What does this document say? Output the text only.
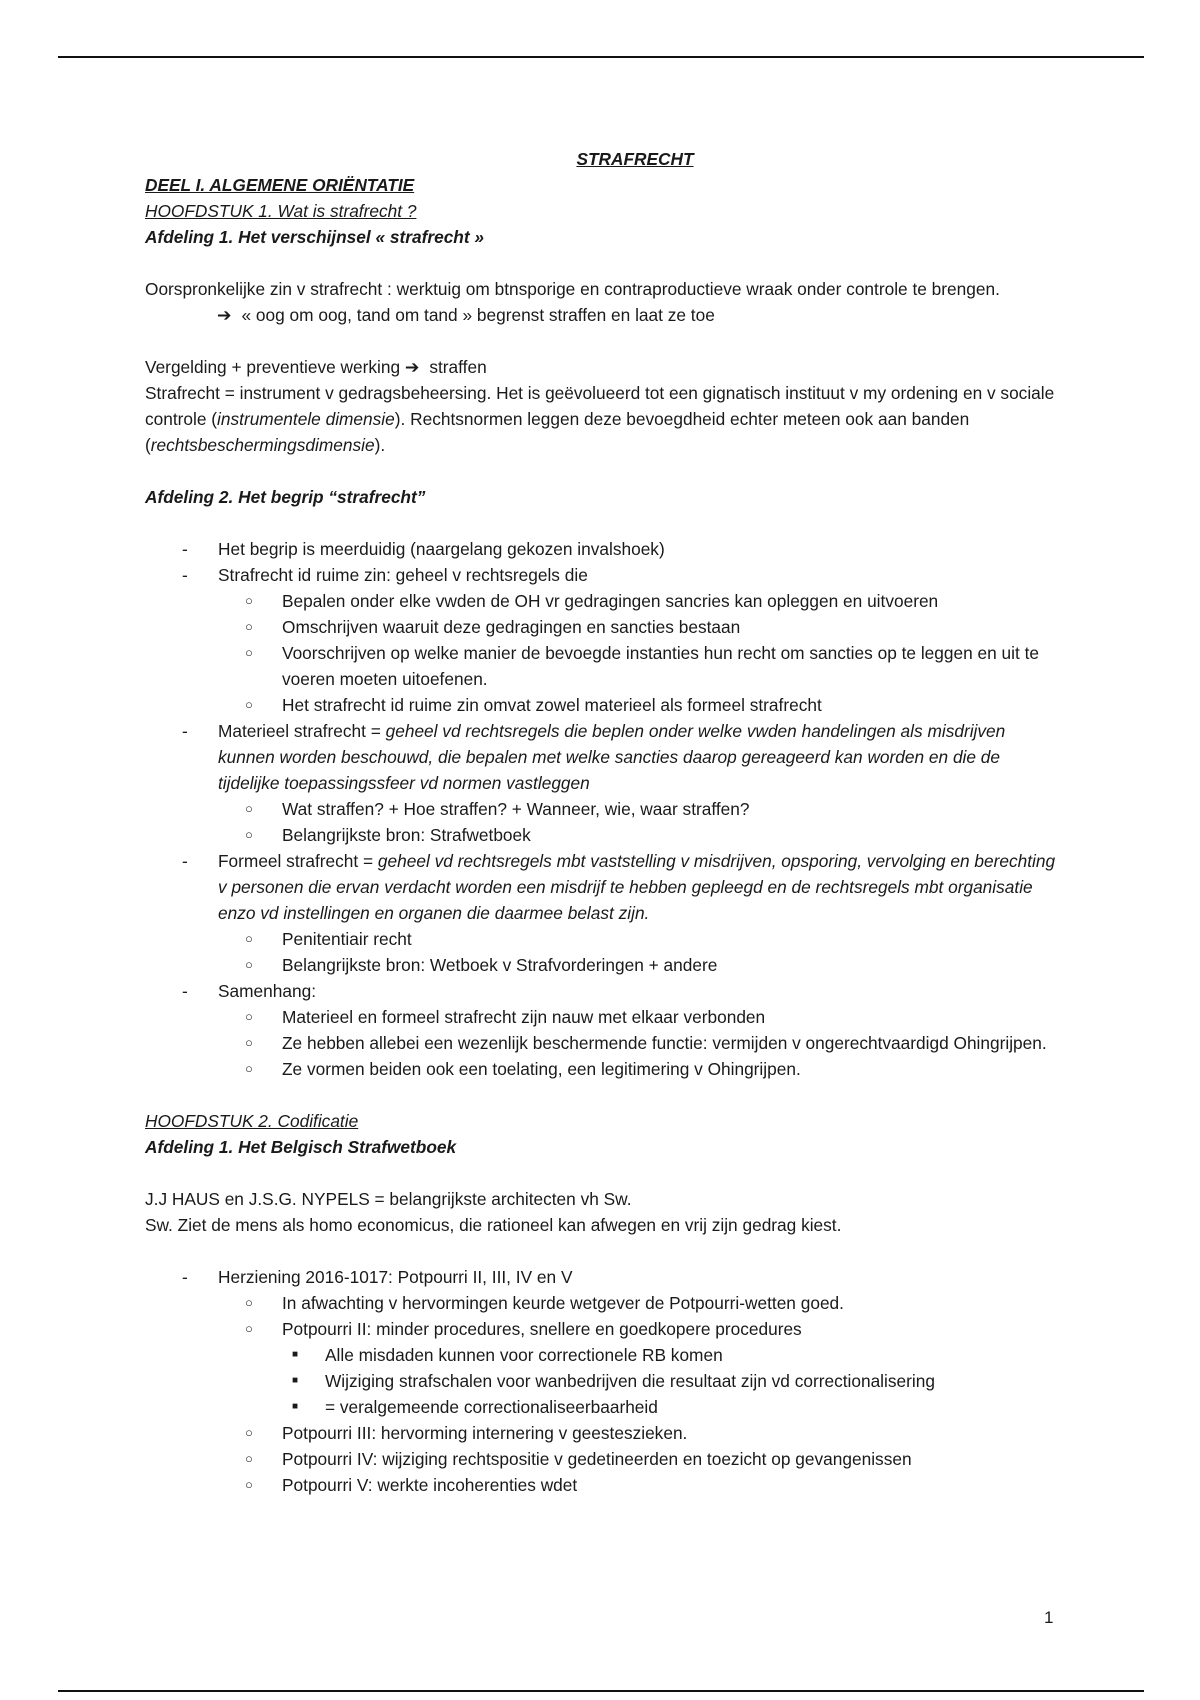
STRAFRECHT
DEEL I. ALGEMENE ORIËNTATIE
HOOFDSTUK 1. Wat is strafrecht ?
Afdeling 1. Het verschijnsel « strafrecht »
Oorspronkelijke zin v strafrecht : werktuig om btnsporige en contraproductieve wraak onder controle te brengen.
➔ « oog om oog, tand om tand » begrenst straffen en laat ze toe
Vergelding + preventieve werking ➔ straffen
Strafrecht = instrument v gedragsbeheersing. Het is geëvolueerd tot een gignatisch instituut v my ordening en v sociale controle (instrumentele dimensie). Rechtsnormen leggen deze bevoegdheid echter meteen ook aan banden (rechtsbeschermingsdimensie).
Afdeling 2. Het begrip “strafrecht”
- Het begrip is meerduidig (naargelang gekozen invalshoek)
- Strafrecht id ruime zin: geheel v rechtsregels die
○ Bepalen onder elke vwden de OH vr gedragingen sancries kan opleggen en uitvoeren
○ Omschrijven waaruit deze gedragingen en sancties bestaan
○ Voorschrijven op welke manier de bevoegde instanties hun recht om sancties op te leggen en uit te voeren moeten uitoefenen.
○ Het strafrecht id ruime zin omvat zowel materieel als formeel strafrecht
- Materieel strafrecht = geheel vd rechtsregels die beplen onder welke vwden handelingen als misdrijven kunnen worden beschouwd, die bepalen met welke sancties daarop gereageerd kan worden en die de tijdelijke toepassingssfeer vd normen vastleggen
○ Wat straffen? + Hoe straffen? + Wanneer, wie, waar straffen?
○ Belangrijkste bron: Strafwetboek
- Formeel strafrecht = geheel vd rechtsregels mbt vaststelling v misdrijven, opsporing, vervolging en berechting v personen die ervan verdacht worden een misdrijf te hebben gepleegd en de rechtsregels mbt organisatie enzo vd instellingen en organen die daarmee belast zijn.
○ Penitentiair recht
○ Belangrijkste bron: Wetboek v Strafvorderingen + andere
- Samenhang:
○ Materieel en formeel strafrecht zijn nauw met elkaar verbonden
○ Ze hebben allebei een wezenlijk beschermende functie: vermijden v ongerechtvaardigd Ohingrijpen.
○ Ze vormen beiden ook een toelating, een legitimering v Ohingrijpen.
HOOFDSTUK 2. Codificatie
Afdeling 1. Het Belgisch Strafwetboek
J.J HAUS en J.S.G. NYPELS = belangrijkste architecten vh Sw.
Sw. Ziet de mens als homo economicus, die rationeel kan afwegen en vrij zijn gedrag kiest.
- Herziening 2016-1017: Potpourri II, III, IV en V
○ In afwachting v hervormingen keurde wetgever de Potpourri-wetten goed.
○ Potpourri II: minder procedures, snellere en goedkopere procedures
■ Alle misdaden kunnen voor correctionele RB komen
■ Wijziging strafschalen voor wanbedrijven die resultaat zijn vd correctionalisering
■ = veralgemeende correctionaliseerbaarheid
○ Potpourri III: hervorming internering v geesteszieken.
○ Potpourri IV: wijziging rechtspositie v gedetineerden en toezicht op gevangenissen
○ Potpourri V: werkte incoherenties wdet
1
